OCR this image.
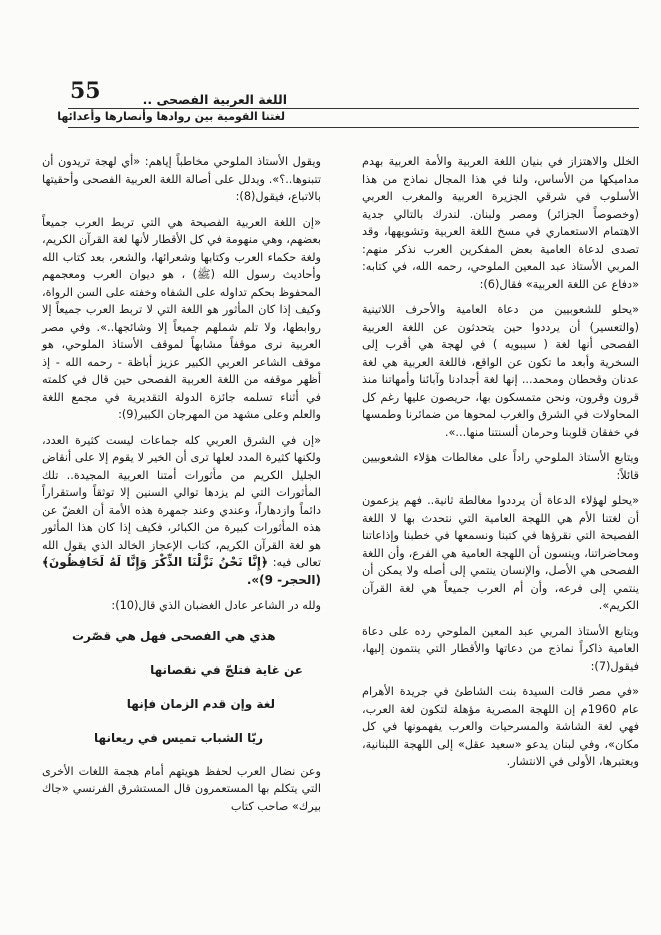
55	اللغة العربية الفصحى ..
لغتنا القومية بين روادها وأنصارها وأعدائها

الخلل والاهتزاز في بنيان اللغة العربية والأمة العربية بهدم مداميكها من الأساس، ولنا في هذا المجال نماذج من هذا الأسلوب في شرقي الجزيرة العربية والمغرب العربي (وخصوصاً الجزائر) ومصر ولبنان. لندرك بالتالي جدية الاهتمام الاستعماري في مسخ اللغة العربية وتشويهها، وقد تصدى لدعاة العامية بعض المفكرين العرب نذكر منهم: المربي الأستاذ عبد المعين الملوحي، رحمه الله، في كتابه: «دفاع عن اللغة العربية» فقال(6):

«يحلو للشعوبيين من دعاة العامية والأحرف اللاتينية (والتعسير) أن يرددوا حين يتحدثون عن اللغة العربية الفصحى أنها لغة ( سيبويه ) في لهجة هي أقرب إلى السخرية وأبعد ما تكون عن الواقع، فاللغة العربية هي لغة عدنان وقحطان ومحمد... إنها لغة أجدادنا وآبائنا وأمهاتنا منذ قرون وقرون، ونحن متمسكون بها، حريصون عليها رغم كل المحاولات في الشرق والغرب لمحوها من ضمائرنا وطمسها في خفقان قلوبنا وحرمان ألسنتنا منها...».

ويتابع الأستاذ الملوحي راداً على مغالطات هؤلاء الشعوبيين قائلاً:

«يحلو لهؤلاء الدعاة أن يرددوا مغالطة ثانية.. فهم يزعمون أن لغتنا الأم هي اللهجة العامية التي نتحدث بها لا اللغة الفصيحة التي نقرؤها في كتبنا ونسمعها في خطبنا وإذاعاتنا ومحاضراتنا، وينسون أن اللهجة العامية هي الفرع، وأن اللغة الفصحى هي الأصل، والإنسان ينتمي إلى أصله ولا يمكن أن ينتمي إلى فرعه، وأن أم العرب جميعاً هي لغة القرآن الكريم».

ويتابع الأستاذ المربي عبد المعين الملوحي رده على دعاة العامية ذاكراً نماذج من دعاتها والأقطار التي ينتمون إليها، فيقول(7):

«في مصر قالت السيدة بنت الشاطئ في جريدة الأهرام عام 1960م إن اللهجة المصرية مؤهلة لتكون لغة العرب، فهي لغة الشاشة والمسرحيات والعرب يفهمونها في كل مكان»، وفي لبنان يدعو «سعيد عقل» إلى اللهجة اللبنانية، ويعتبرها، الأولى في الانتشار.

ويقول الأستاذ الملوحي مخاطباً إياهم: «أي لهجة تريدون أن تتبنوها..؟». ويدلل على أصالة اللغة العربية الفصحى وأحقيتها بالاتباع، فيقول(8):

«إن اللغة العربية الفصيحة هي التي تربط العرب جميعاً بعضهم، وهي منهومة في كل الأقطار لأنها لغة القرآن الكريم، ولغة حكماء العرب وكتابها وشعرائها، والشعر، بعد كتاب الله وأحاديث رسول الله (ﷺ) ، هو ديوان العرب ومعجمهم المحفوظ بحكم تداوله على الشفاه وخفته على السن الرواة، وكيف إذا كان المأثور هو اللغة التي لا تربط العرب جميعاً إلا روابطها، ولا تلم شملهم جميعاً إلا وشائجها..». وفي مصر العربية نرى موقفاً مشابهاً لموقف الأستاذ الملوحي، هو موقف الشاعر العربي الكبير عزيز أباظة - رحمه الله - إذ أظهر موقفه من اللغة العربية الفصحى حين قال في كلمته في أثناء تسلمه جائزة الدولة التقديرية في مجمع اللغة والعلم وعلى مشهد من المهرجان الكبير(9):

«إن في الشرق العربي كله جماعات ليست كثيرة العدد، ولكنها كثيرة المدد لعلها ترى أن الخير لا يقوم إلا على أنقاض الجليل الكريم من مأثورات أمتنا العربية المجيدة.. تلك المأثورات التي لم يزدها توالي السنين إلا توثقاً واستقراراً دائماً وازدهاراً، وعندي وعند جمهرة هذه الأمة أن الغضّ عن هذه المأثورات كبيرة من الكبائر، فكيف إذا كان هذا المأثور هو لغة القرآن الكريم، كتاب الإعجاز الخالد الذي يقول الله تعالى فيه: ﴿إِنَّا نَحْنُ نَزَّلْنَا الذِّكْرَ وَإِنَّا لَهُ لَحَافِظُونَ﴾ (الحجر- 9)».

ولله در الشاعر عادل الغضبان الذي قال(10):

هذي هي الفصحى فهل هي قصّرت

عن غاية فتلجّ في نقصانها

لغة وإن قدم الزمان فإنها

ريّا الشباب تميس في ريعانها

وعن نضال العرب لحفظ هويتهم أمام هجمة اللغات الأخرى التي يتكلم بها المستعمرون قال المستشرق الفرنسي «جاك بيرك» صاحب كتاب
